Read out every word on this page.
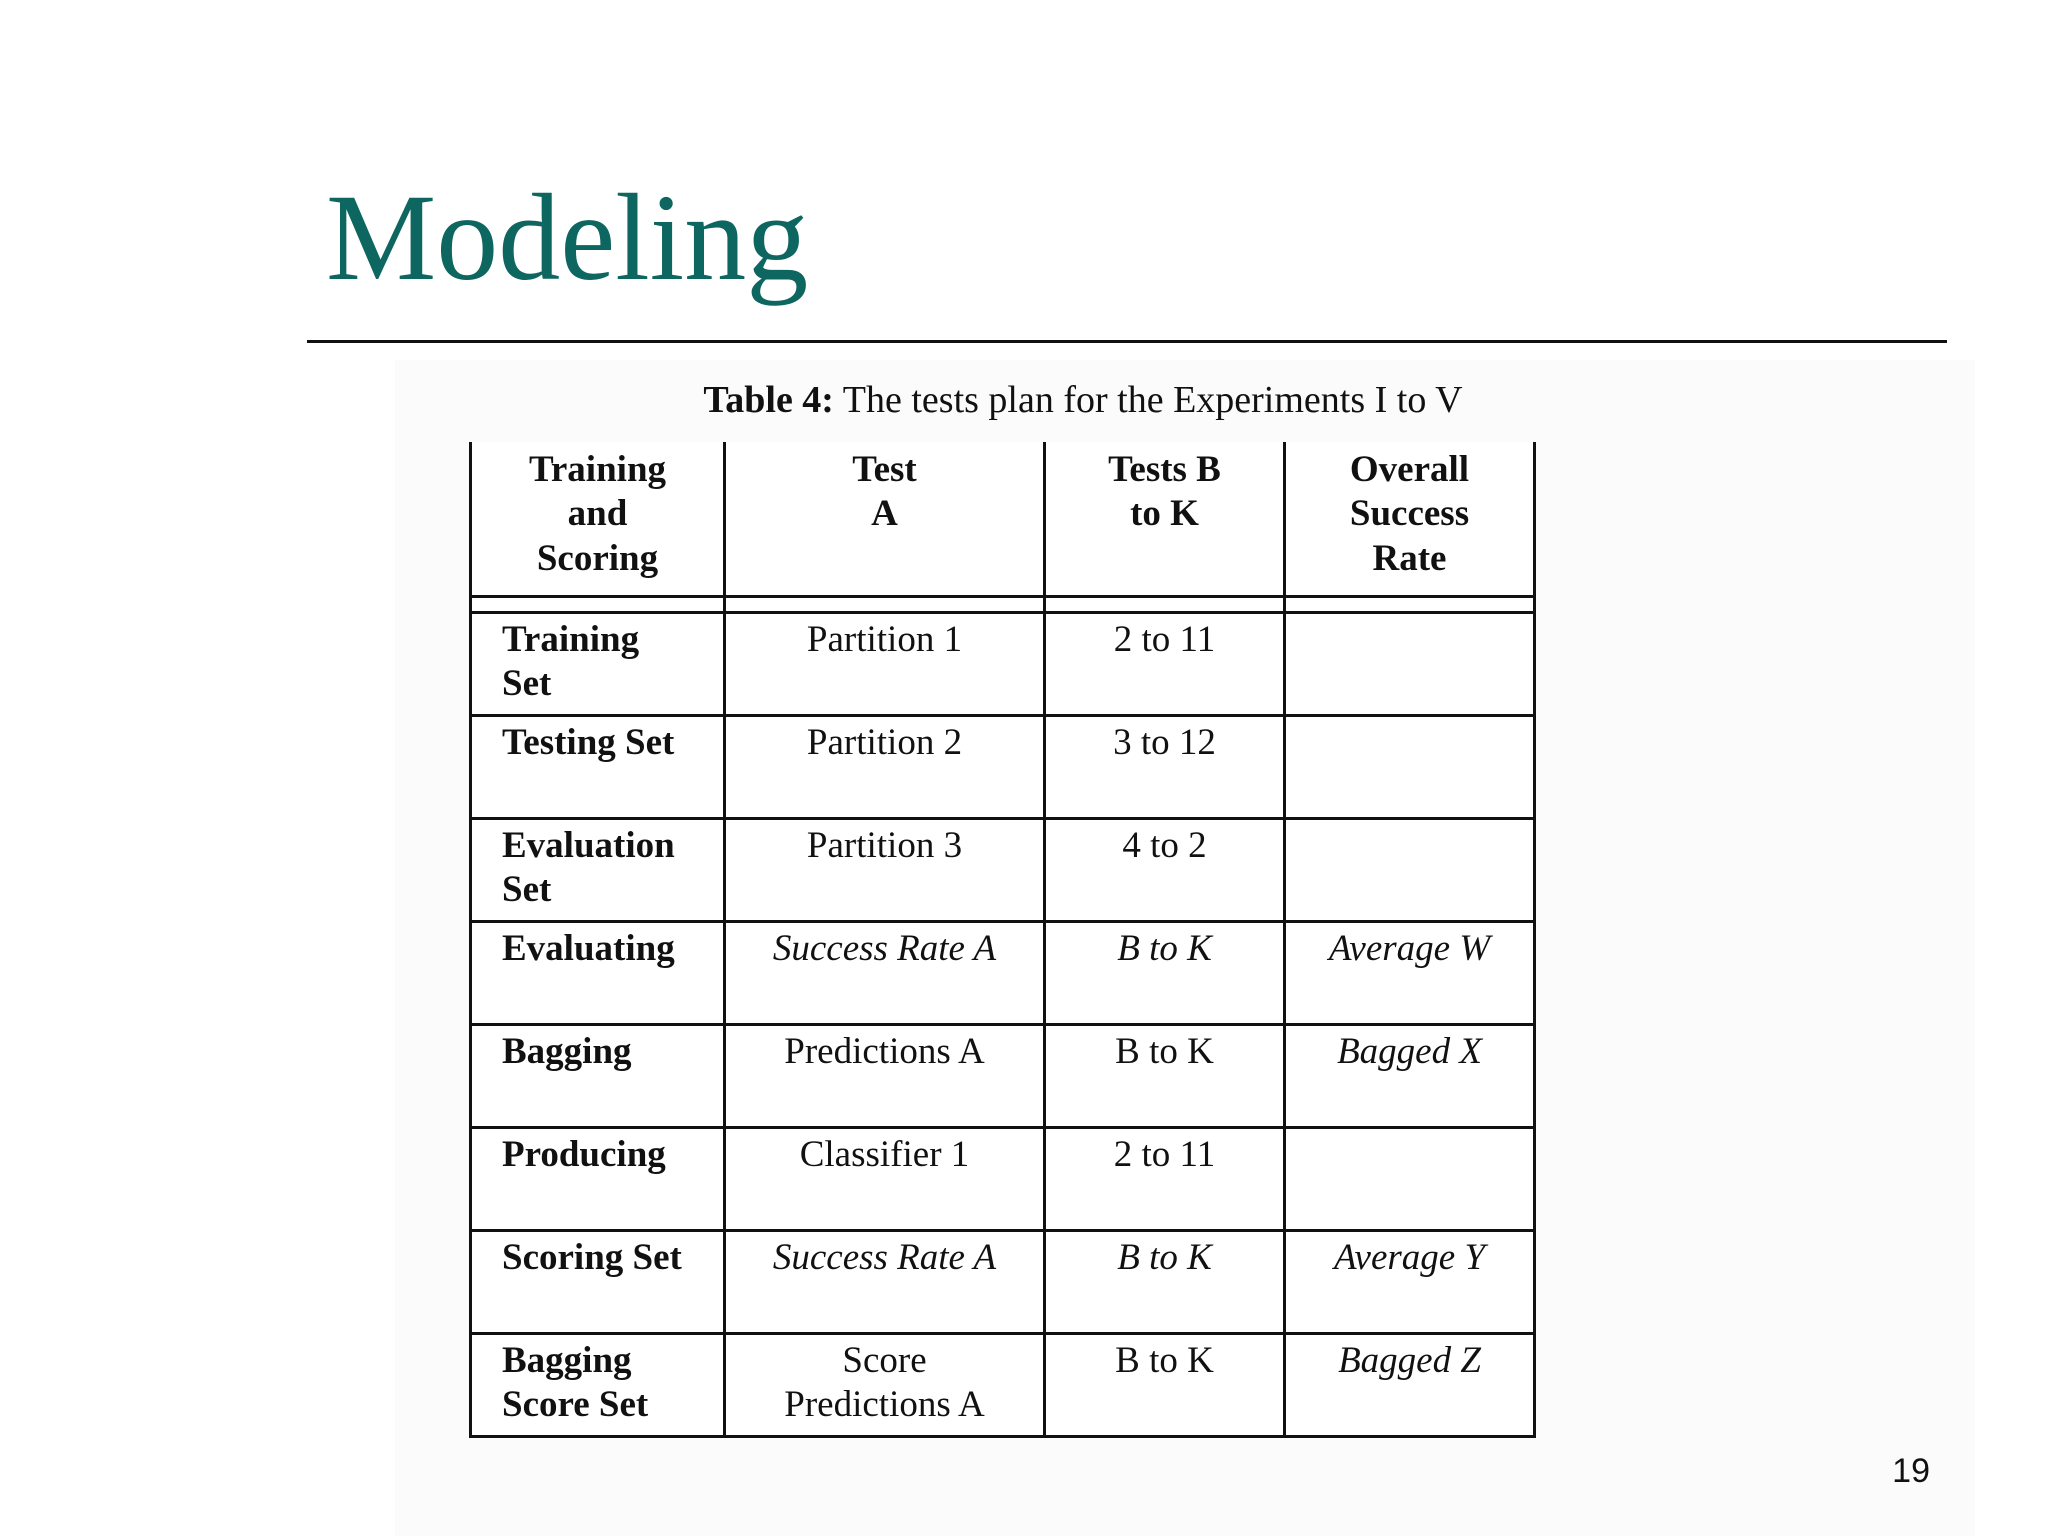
Modeling
Table 4: The tests plan for the Experiments I to V
Training and Scoring	Test A	Tests B to K	Overall Success Rate

Training Set	Partition 1	2 to 11	
Testing Set	Partition 2	3 to 12	
Evaluation Set	Partition 3	4 to 2	
Evaluating	Success Rate A	B to K	Average W
Bagging	Predictions A	B to K	Bagged X
Producing	Classifier 1	2 to 11	
Scoring Set	Success Rate A	B to K	Average Y
Bagging Score Set	Score Predictions A	B to K	Bagged Z
19
